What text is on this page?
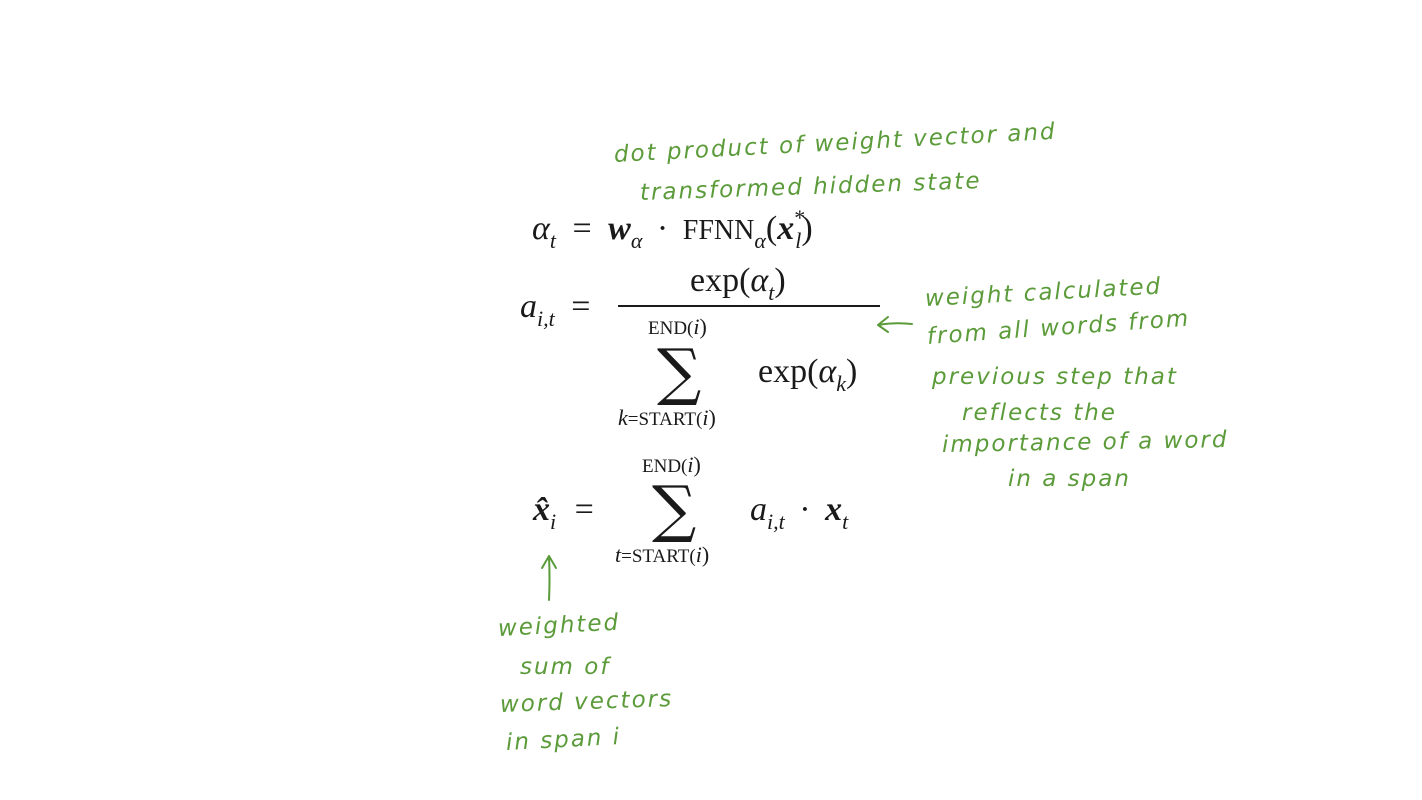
$\alpha_t = w_\alpha$ · $FFNN_\alpha(x^*_l)$
$a_{i,t}$ =
$\exp(\alpha_t)$
END(i)
∑
k=START(i)
$\exp(\alpha_k)$
$x̂_i$ =
END(i)
∑
t=START(i)
$a_{i,t} \cdot x_t$
dot product of weight vector and
transformed hidden state
weight calculated
from all words from
previous step that
reflects the
importance of a word
in a span
weighted
sum of
word vectors
in span i
